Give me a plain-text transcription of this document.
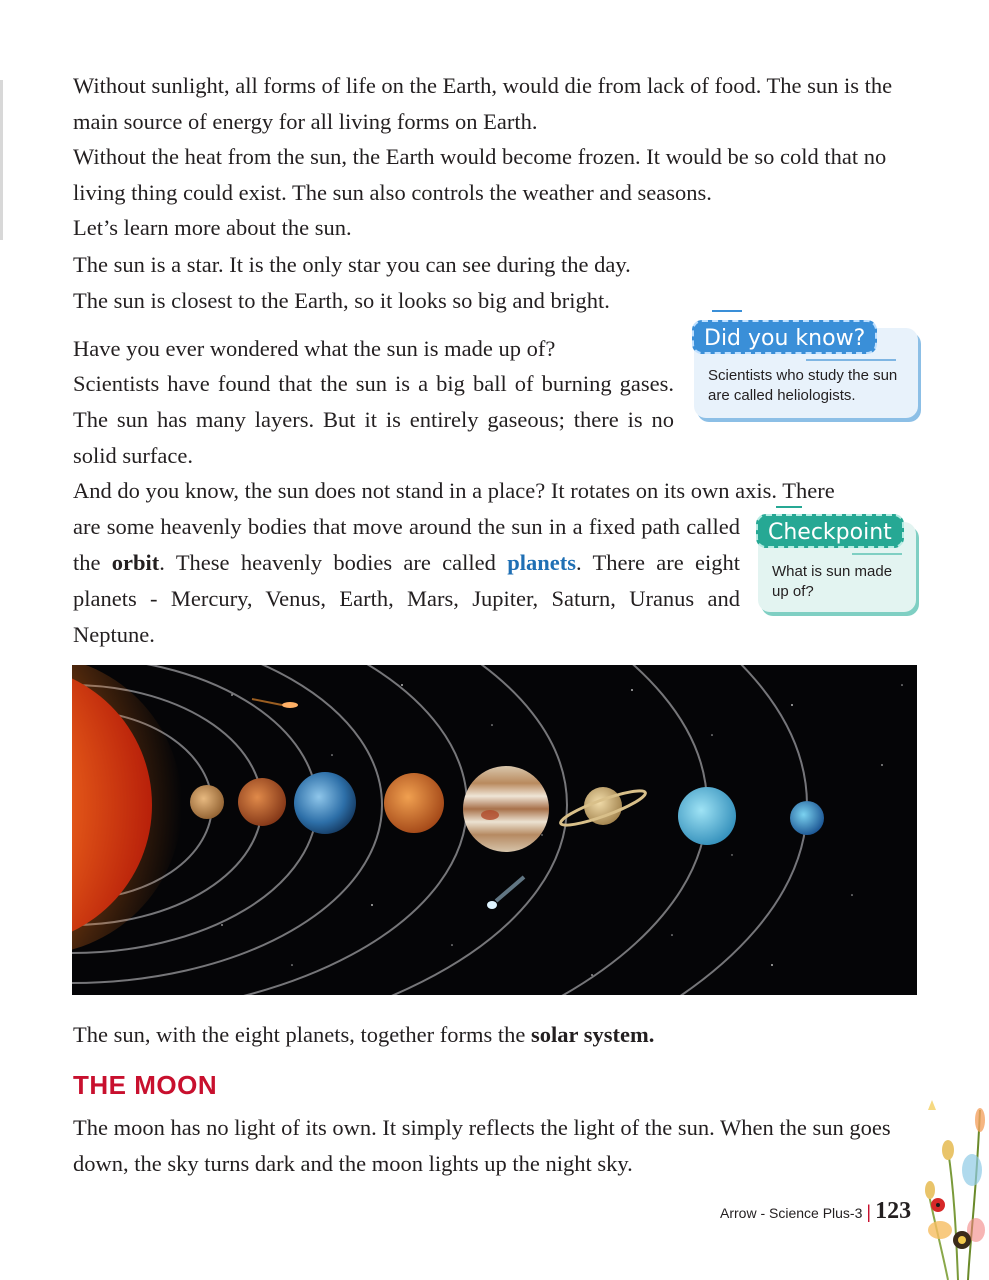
Without sunlight, all forms of life on the Earth, would die from lack of food. The sun is the main source of energy for all living forms on Earth.

Without the heat from the sun, the Earth would become frozen. It would be so cold that no living thing could exist. The sun also controls the weather and seasons.

Let’s learn more about the sun.

The sun is a star. It is the only star you can see during the day.

The sun is closest to the Earth, so it looks so big and bright.

Have you ever wondered what the sun is made up of?

Scientists have found that the sun is a big ball of burning gases. The sun has many layers. But it is entirely gaseous; there is no solid surface.

And do you know, the sun does not stand in a place? It rotates on its own axis. There

are some heavenly bodies that move around the sun in a fixed path called the orbit. These heavenly bodies are called planets. There are eight planets - Mercury, Venus, Earth, Mars, Jupiter, Saturn, Uranus and Neptune.

Did you know?
Scientists who study the sun are called heliologists.
Checkpoint
What is sun made up of?

The sun, with the eight planets, together forms the solar system.

THE MOON

The moon has no light of its own. It simply reflects the light of the sun. When the sun goes down, the sky turns dark and the moon lights up the night sky.

Arrow - Science Plus-3 | 123
